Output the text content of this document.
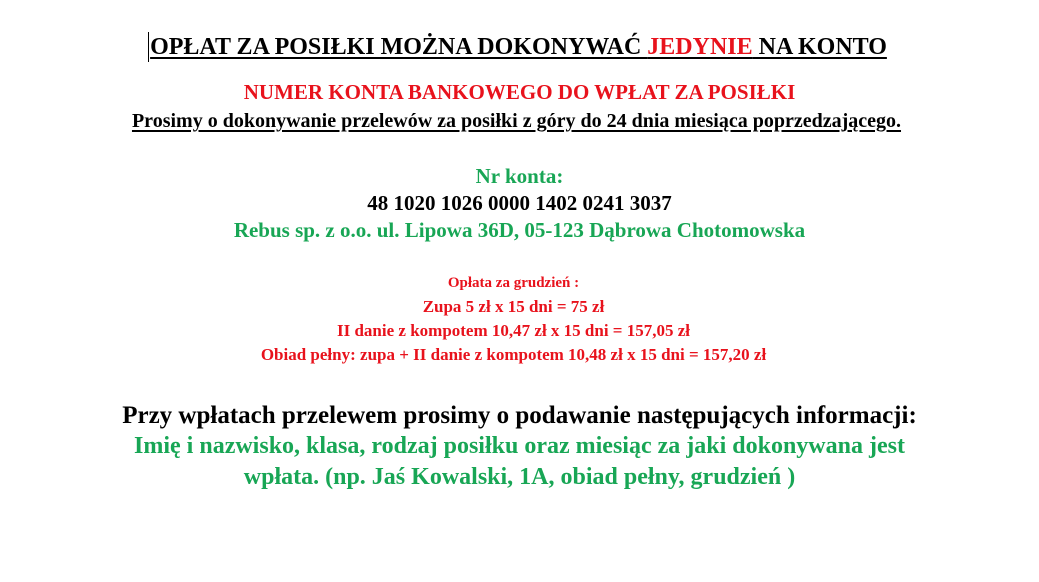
OPŁAT ZA POSIŁKI MOŻNA DOKONYWAĆ JEDYNIE NA KONTO
NUMER KONTA BANKOWEGO DO WPŁAT ZA POSIŁKI
Prosimy o dokonywanie przelewów za posiłki z góry do 24 dnia miesiąca poprzedzającego.
Nr konta:
48 1020 1026 0000 1402 0241 3037
Rebus sp. z o.o. ul. Lipowa 36D, 05-123 Dąbrowa Chotomowska
Opłata za grudzień :
Zupa 5 zł x 15 dni = 75 zł
II danie z kompotem 10,47 zł x 15 dni = 157,05 zł
Obiad pełny: zupa + II danie z kompotem 10,48 zł x 15 dni = 157,20 zł
Przy wpłatach przelewem prosimy o podawanie następujących informacji:
Imię i nazwisko, klasa, rodzaj posiłku oraz miesiąc za jaki dokonywana jest
wpłata. (np. Jaś Kowalski, 1A, obiad pełny, grudzień )
